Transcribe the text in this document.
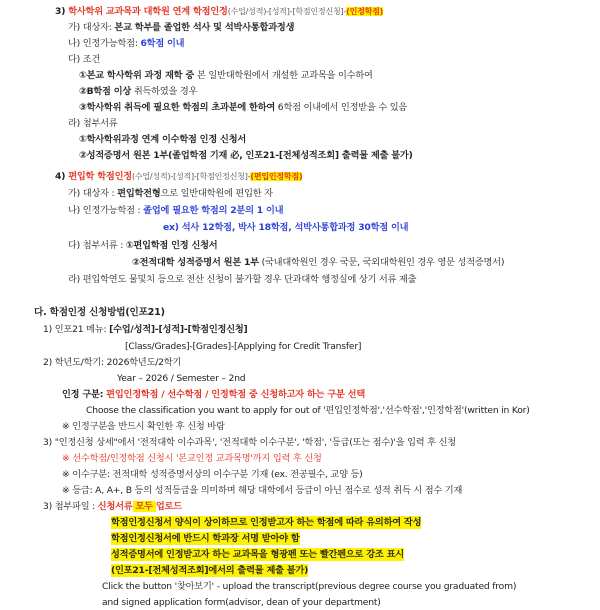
3) 학사학위 교과목과 대학원 연계 학점인정(수업/성적)-[성적]-[학점인정신청]-(인정학점)
가) 대상자: 본교 학부를 졸업한 석사 및 석박사통합과정생
나) 인정가능학점: 6학점 이내
다) 조건
①본교 학사학위 과정 재학 중 본 일반대학원에서 개설한 교과목을 이수하여
②B학점 이상 취득하였을 경우
③학사학위 취득에 필요한 학점의 초과분에 한하여 6학점 이내에서 인정받을 수 있음
라) 첨부서류
①학사학위과정 연계 이수학점 인정 신청서
②성적증명서 원본 1부(졸업학점 기재 必, 인포21-[전체성적조회] 출력물 제출 불가)
4) 편입학 학점인정(수업/성적)-[성적]-[학점인정신청]-(편입인정학점)
가) 대상자 : 편입학전형으로 일반대학원에 편입한 자
나) 인정가능학점 : 졸업에 필요한 학점의 2분의 1 이내
ex) 석사 12학점, 박사 18학점, 석박사통합과정 30학점 이내
다) 첨부서류 : ①편입학점 인정 신청서
②전적대학 성적증명서 원본 1부 (국내대학원인 경우 국문, 국외대학원인 경우 영문 성적증명서)
라) 편입학연도 물및치 등으로 전산 신청이 불가할 경우 단과대학 행정실에 상기 서류 제출
다. 학점인정 신청방법(인포21)
1) 인포21 메뉴: [수업/성적]-[성적]-[학점인정신청]
[Class/Grades]-[Grades]-[Applying for Credit Transfer]
2) 학년도/학기: 2026학년도/2학기
Year – 2026 / Semester – 2nd
인정 구분: 편입인정학점 / 선수학점 / 인정학점 중 신청하고자 하는 구분 선택
Choose the classification you want to apply for out of '편입인정학점','선수학점','인정학점'(written in Kor)
※ 인정구분을 반드시 확인한 후 신청 바람
3) "인정신청 상세"에서 '전적대학 이수과목', '전적대학 이수구분', '학점', '등급(또는 점수)'을 입력 후 신청
※ 선수학점/인정학점 신청시 '본교인정 교과목명'까지 입력 후 신청
※ 이수구분: 전적대학 성적증명서상의 이수구분 기재 (ex. 전공필수, 교양 등)
※ 등급: A, A+, B 등의 성적등급을 의미하며 해당 대학에서 등급이 아닌 점수로 성적 취득 시 점수 기재
3) 첨부파일 : 신청서류 모두 업로드
학점인정신청서 양식이 상이하므로 인정받고자 하는 학점에 따라 유의하여 작성
학점인정신청서에 반드시 학과장 서명 받아야 함
성적증명서에 인정받고자 하는 교과목을 형광펜 또는 빨간펜으로 강조 표시
(인포21-[전체성적조회]에서의 출력물 제출 불가)
Click the button '찾아보기' - upload the transcript(previous degree course you graduated from)
and signed application form(advisor, dean of your department)
